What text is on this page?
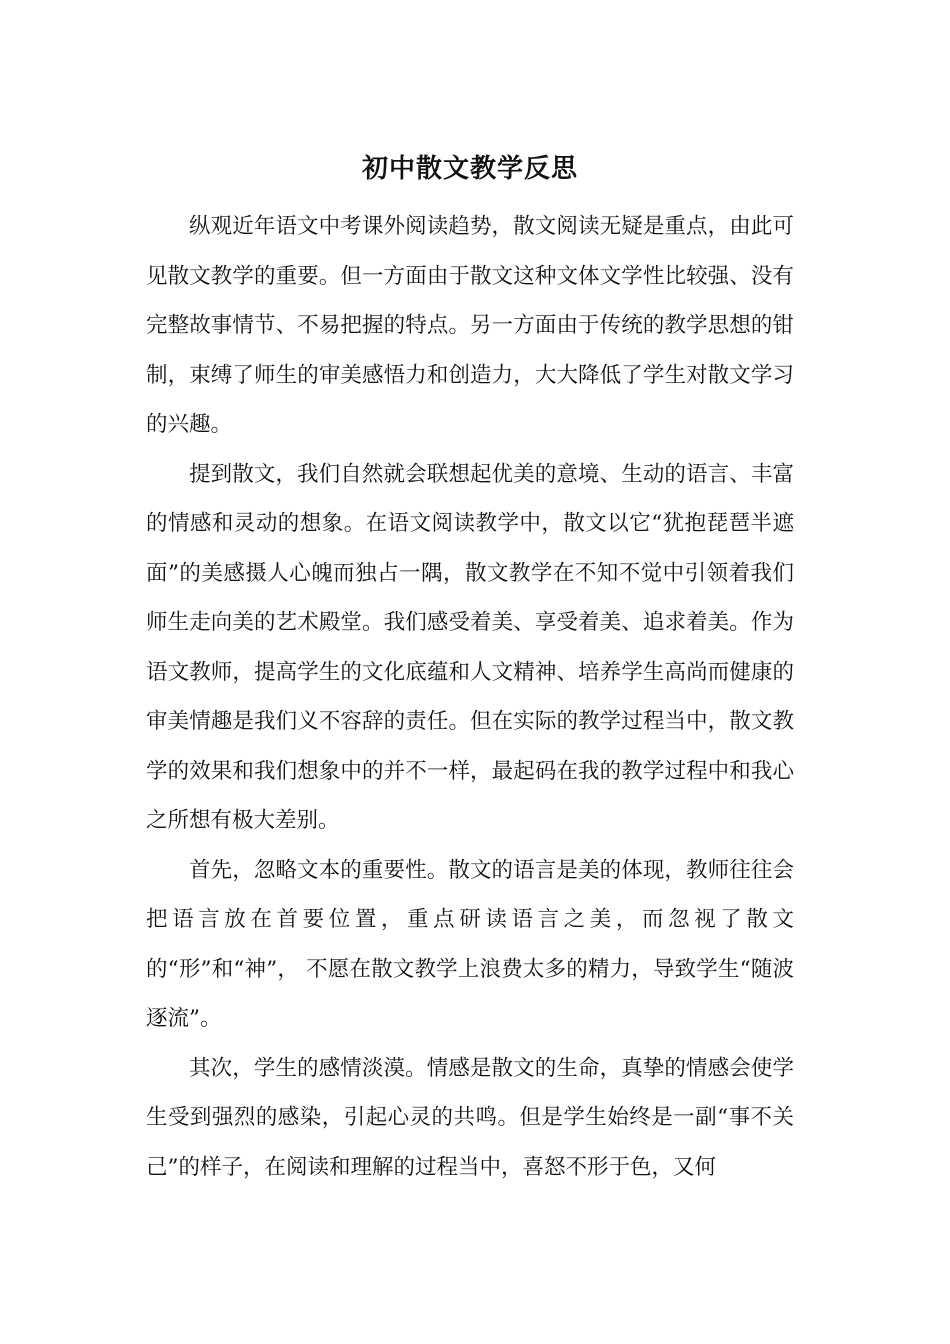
初中散文教学反思

纵观近年语文中考课外阅读趋势，散文阅读无疑是重点，由此可见散文教学的重要。但一方面由于散文这种文体文学性比较强、没有完整故事情节、不易把握的特点。另一方面由于传统的教学思想的钳制，束缚了师生的审美感悟力和创造力，大大降低了学生对散文学习的兴趣。

提到散文，我们自然就会联想起优美的意境、生动的语言、丰富的情感和灵动的想象。在语文阅读教学中，散文以它“犹抱琵琶半遮面”的美感摄人心魄而独占一隅，散文教学在不知不觉中引领着我们师生走向美的艺术殿堂。我们感受着美、享受着美、追求着美。作为语文教师，提高学生的文化底蕴和人文精神、培养学生高尚而健康的审美情趣是我们义不容辞的责任。但在实际的教学过程当中，散文教学的效果和我们想象中的并不一样，最起码在我的教学过程中和我心之所想有极大差别。

首先，忽略文本的重要性。散文的语言是美的体现，教师往往会把语言放在首要位置，重点研读语言之美，而忽视了散文的“形”和“神”， 不愿在散文教学上浪费太多的精力，导致学生“随波逐流”。

其次，学生的感情淡漠。情感是散文的生命，真挚的情感会使学生受到强烈的感染，引起心灵的共鸣。但是学生始终是一副“事不关己”的样子，在阅读和理解的过程当中，喜怒不形于色，又何
